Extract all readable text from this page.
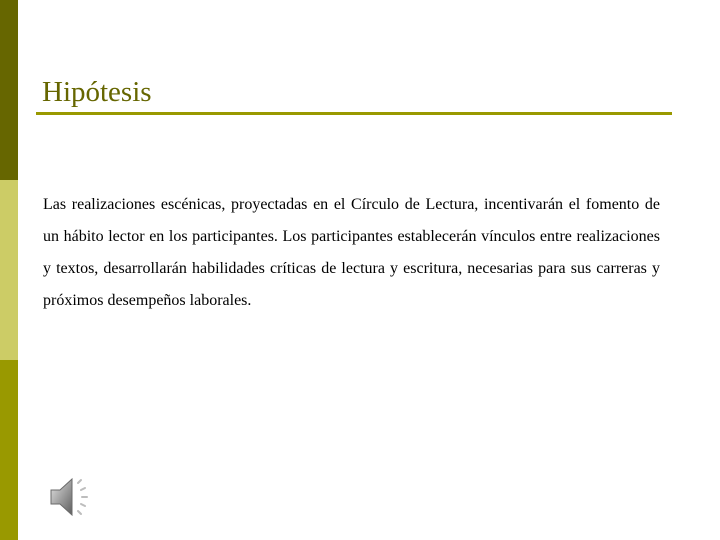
Hipótesis

Las realizaciones escénicas, proyectadas en el Círculo de Lectura, incentivarán el fomento de un hábito lector en los participantes. Los participantes establecerán vínculos entre realizaciones y textos, desarrollarán habilidades críticas de lectura y escritura, necesarias para sus carreras y próximos desempeños laborales.
